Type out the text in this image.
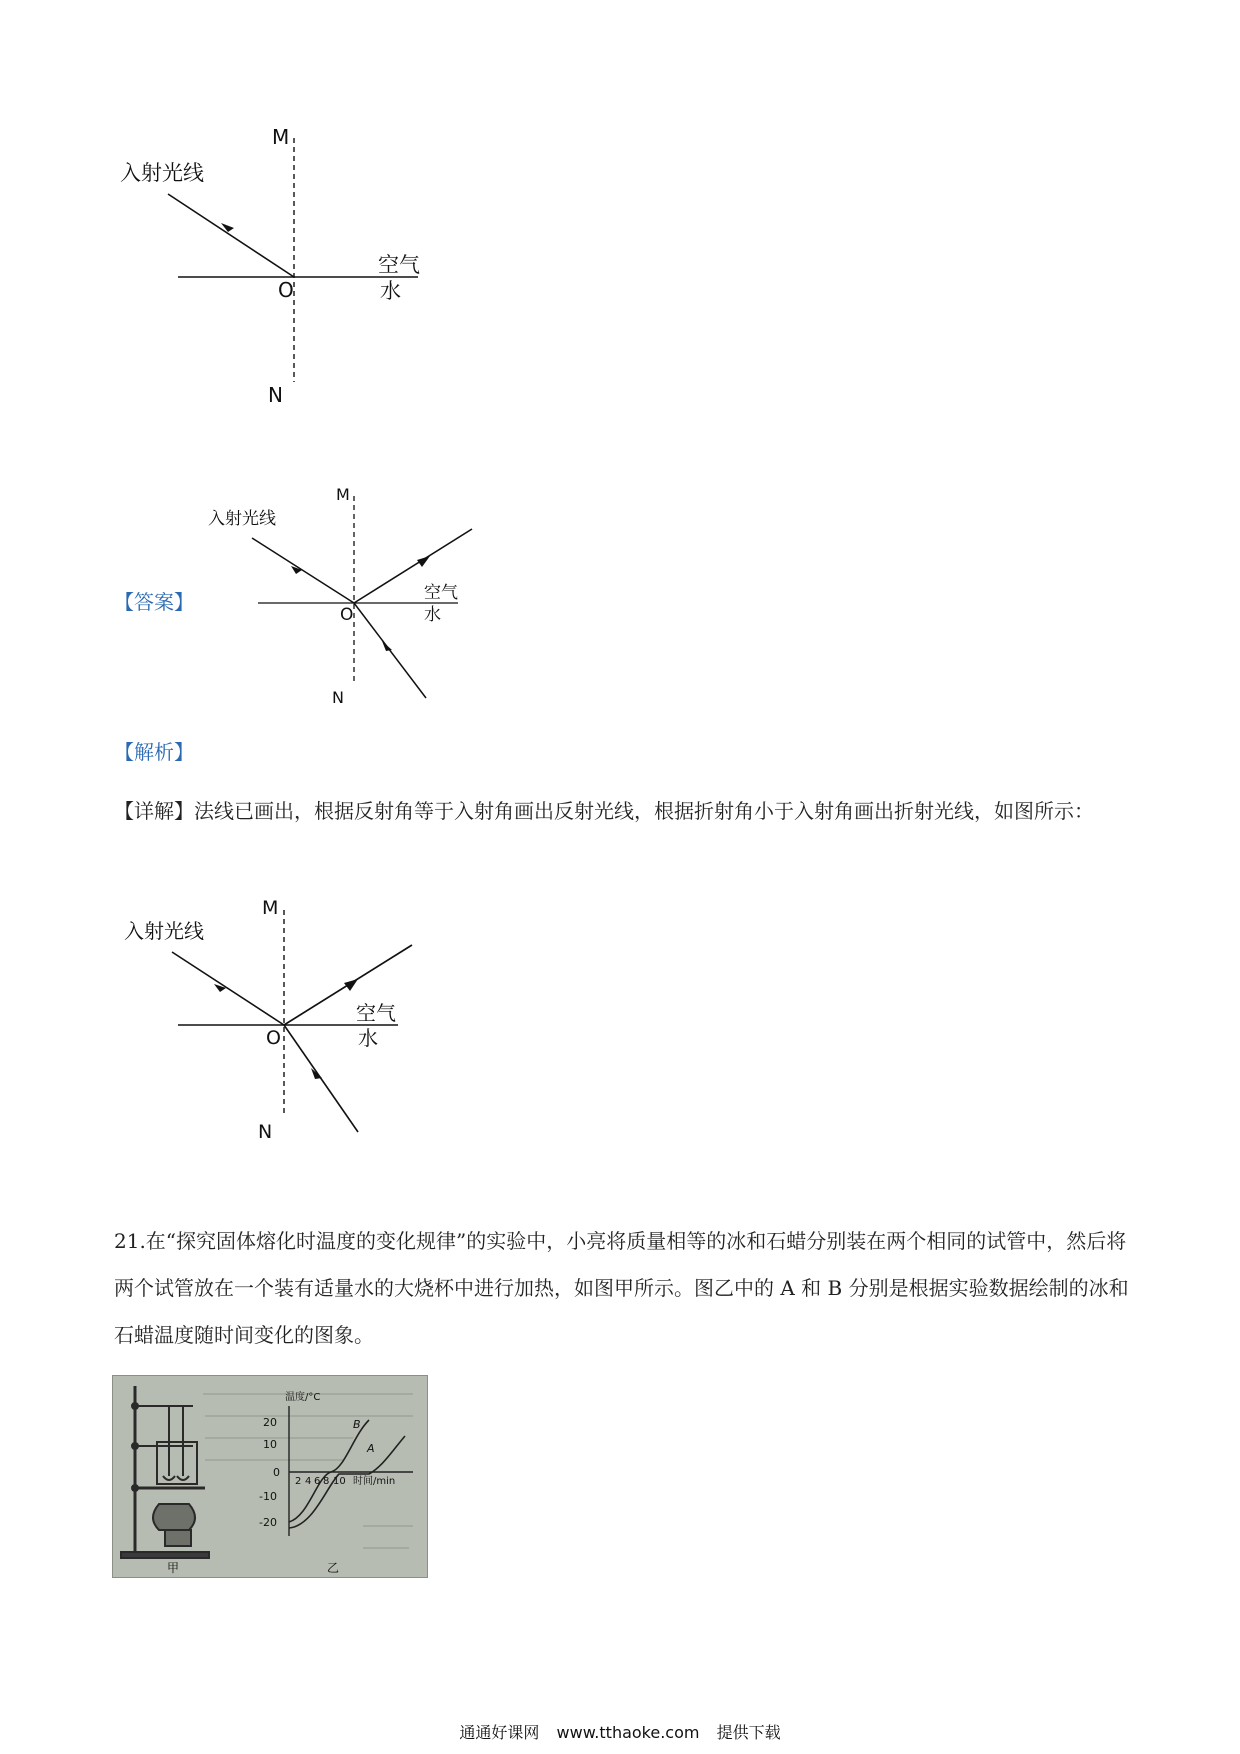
M
N
O
入射光线
空气
水
【答案】
M
N
O
入射光线
空气
水
【解析】
【详解】法线已画出，根据反射角等于入射角画出反射光线，根据折射角小于入射角画出折射光线，如图所示：
M
N
O
入射光线
空气
水
21.在“探究固体熔化时温度的变化规律”的实验中，小亮将质量相等的冰和石蜡分别装在两个相同的试管中，然后将两个试管放在一个装有适量水的大烧杯中进行加热，如图甲所示。图乙中的 A 和 B 分别是根据实验数据绘制的冰和石蜡温度随时间变化的图象。
温度/°C
20
10
0
-10
-20
2 4 6 8 10 时间/min
B
A
甲	乙
通通好课网 www.tthaoke.com 提供下载
